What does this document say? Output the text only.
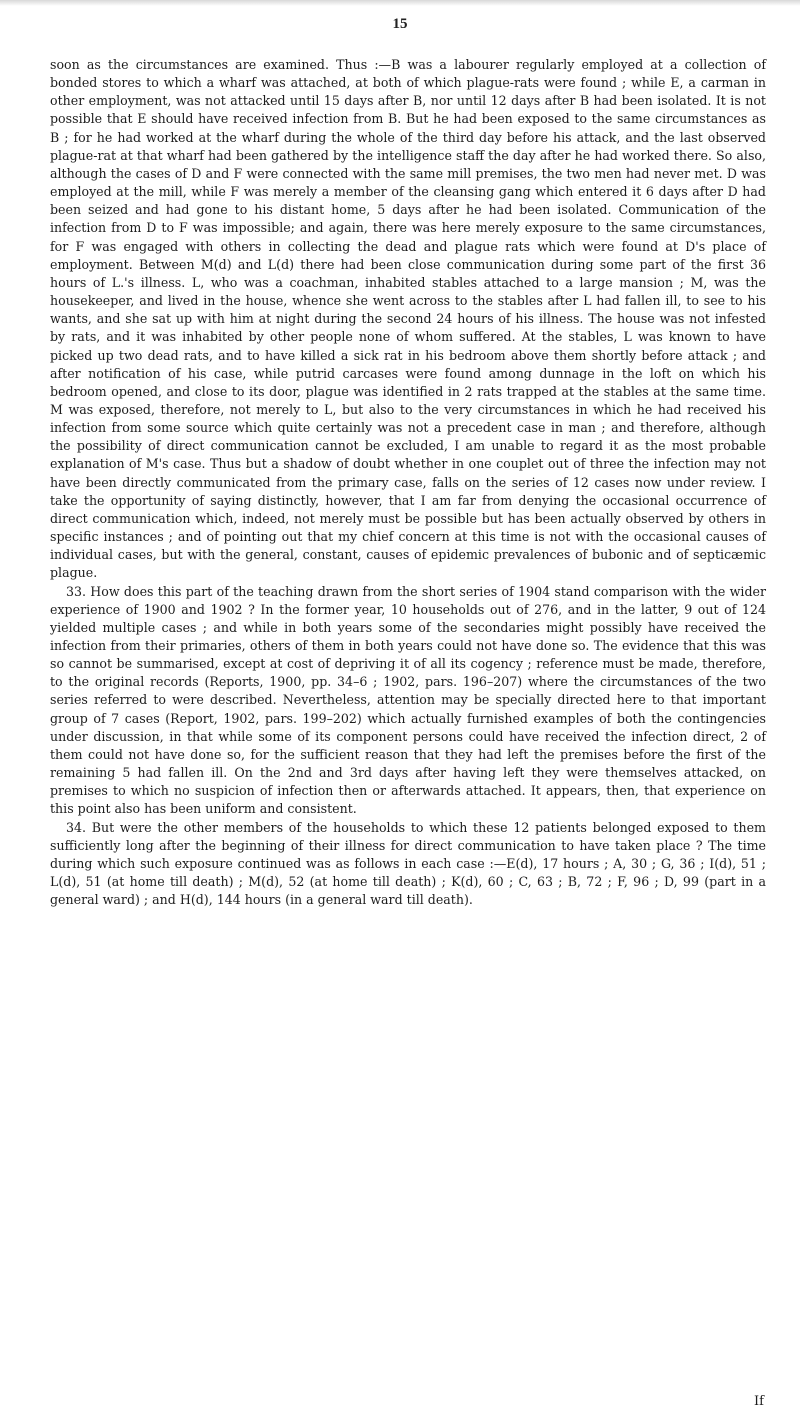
15

soon as the circumstances are examined. Thus :—B was a labourer regularly employed at a collection of bonded stores to which a wharf was attached, at both of which plague-rats were found ; while E, a carman in other employment, was not attacked until 15 days after B, nor until 12 days after B had been isolated. It is not possible that E should have received infection from B. But he had been exposed to the same circumstances as B ; for he had worked at the wharf during the whole of the third day before his attack, and the last observed plague-rat at that wharf had been gathered by the intelligence staff the day after he had worked there. So also, although the cases of D and F were connected with the same mill premises, the two men had never met. D was employed at the mill, while F was merely a member of the cleansing gang which entered it 6 days after D had been seized and had gone to his distant home, 5 days after he had been isolated. Communication of the infection from D to F was impossible; and again, there was here merely exposure to the same circumstances, for F was engaged with others in collecting the dead and plague rats which were found at D's place of employment. Between M(d) and L(d) there had been close communication during some part of the first 36 hours of L.'s illness. L, who was a coachman, inhabited stables attached to a large mansion ; M, was the housekeeper, and lived in the house, whence she went across to the stables after L had fallen ill, to see to his wants, and she sat up with him at night during the second 24 hours of his illness. The house was not infested by rats, and it was inhabited by other people none of whom suffered. At the stables, L was known to have picked up two dead rats, and to have killed a sick rat in his bedroom above them shortly before attack ; and after notification of his case, while putrid carcases were found among dunnage in the loft on which his bedroom opened, and close to its door, plague was identified in 2 rats trapped at the stables at the same time. M was exposed, therefore, not merely to L, but also to the very circumstances in which he had received his infection from some source which quite certainly was not a precedent case in man ; and therefore, although the possibility of direct communication cannot be excluded, I am unable to regard it as the most probable explanation of M's case. Thus but a shadow of doubt whether in one couplet out of three the infection may not have been directly communicated from the primary case, falls on the series of 12 cases now under review. I take the opportunity of saying distinctly, however, that I am far from denying the occasional occurrence of direct communication which, indeed, not merely must be possible but has been actually observed by others in specific instances ; and of pointing out that my chief concern at this time is not with the occasional causes of individual cases, but with the general, constant, causes of epidemic prevalences of bubonic and of septicæmic plague.

33. How does this part of the teaching drawn from the short series of 1904 stand comparison with the wider experience of 1900 and 1902 ? In the former year, 10 households out of 276, and in the latter, 9 out of 124 yielded multiple cases ; and while in both years some of the secondaries might possibly have received the infection from their primaries, others of them in both years could not have done so. The evidence that this was so cannot be summarised, except at cost of depriving it of all its cogency ; reference must be made, therefore, to the original records (Reports, 1900, pp. 34–6 ; 1902, pars. 196–207) where the circumstances of the two series referred to were described. Nevertheless, attention may be specially directed here to that important group of 7 cases (Report, 1902, pars. 199–202) which actually furnished examples of both the contingencies under discussion, in that while some of its component persons could have received the infection direct, 2 of them could not have done so, for the sufficient reason that they had left the premises before the first of the remaining 5 had fallen ill. On the 2nd and 3rd days after having left they were themselves attacked, on premises to which no suspicion of infection then or afterwards attached. It appears, then, that experience on this point also has been uniform and consistent.

34. But were the other members of the households to which these 12 patients belonged exposed to them sufficiently long after the beginning of their illness for direct communication to have taken place ? The time during which such exposure continued was as follows in each case :—E(d), 17 hours ; A, 30 ; G, 36 ; I(d), 51 ; L(d), 51 (at home till death) ; M(d), 52 (at home till death) ; K(d), 60 ; C, 63 ; B, 72 ; F, 96 ; D, 99 (part in a general ward) ; and H(d), 144 hours (in a general ward till death).

If
